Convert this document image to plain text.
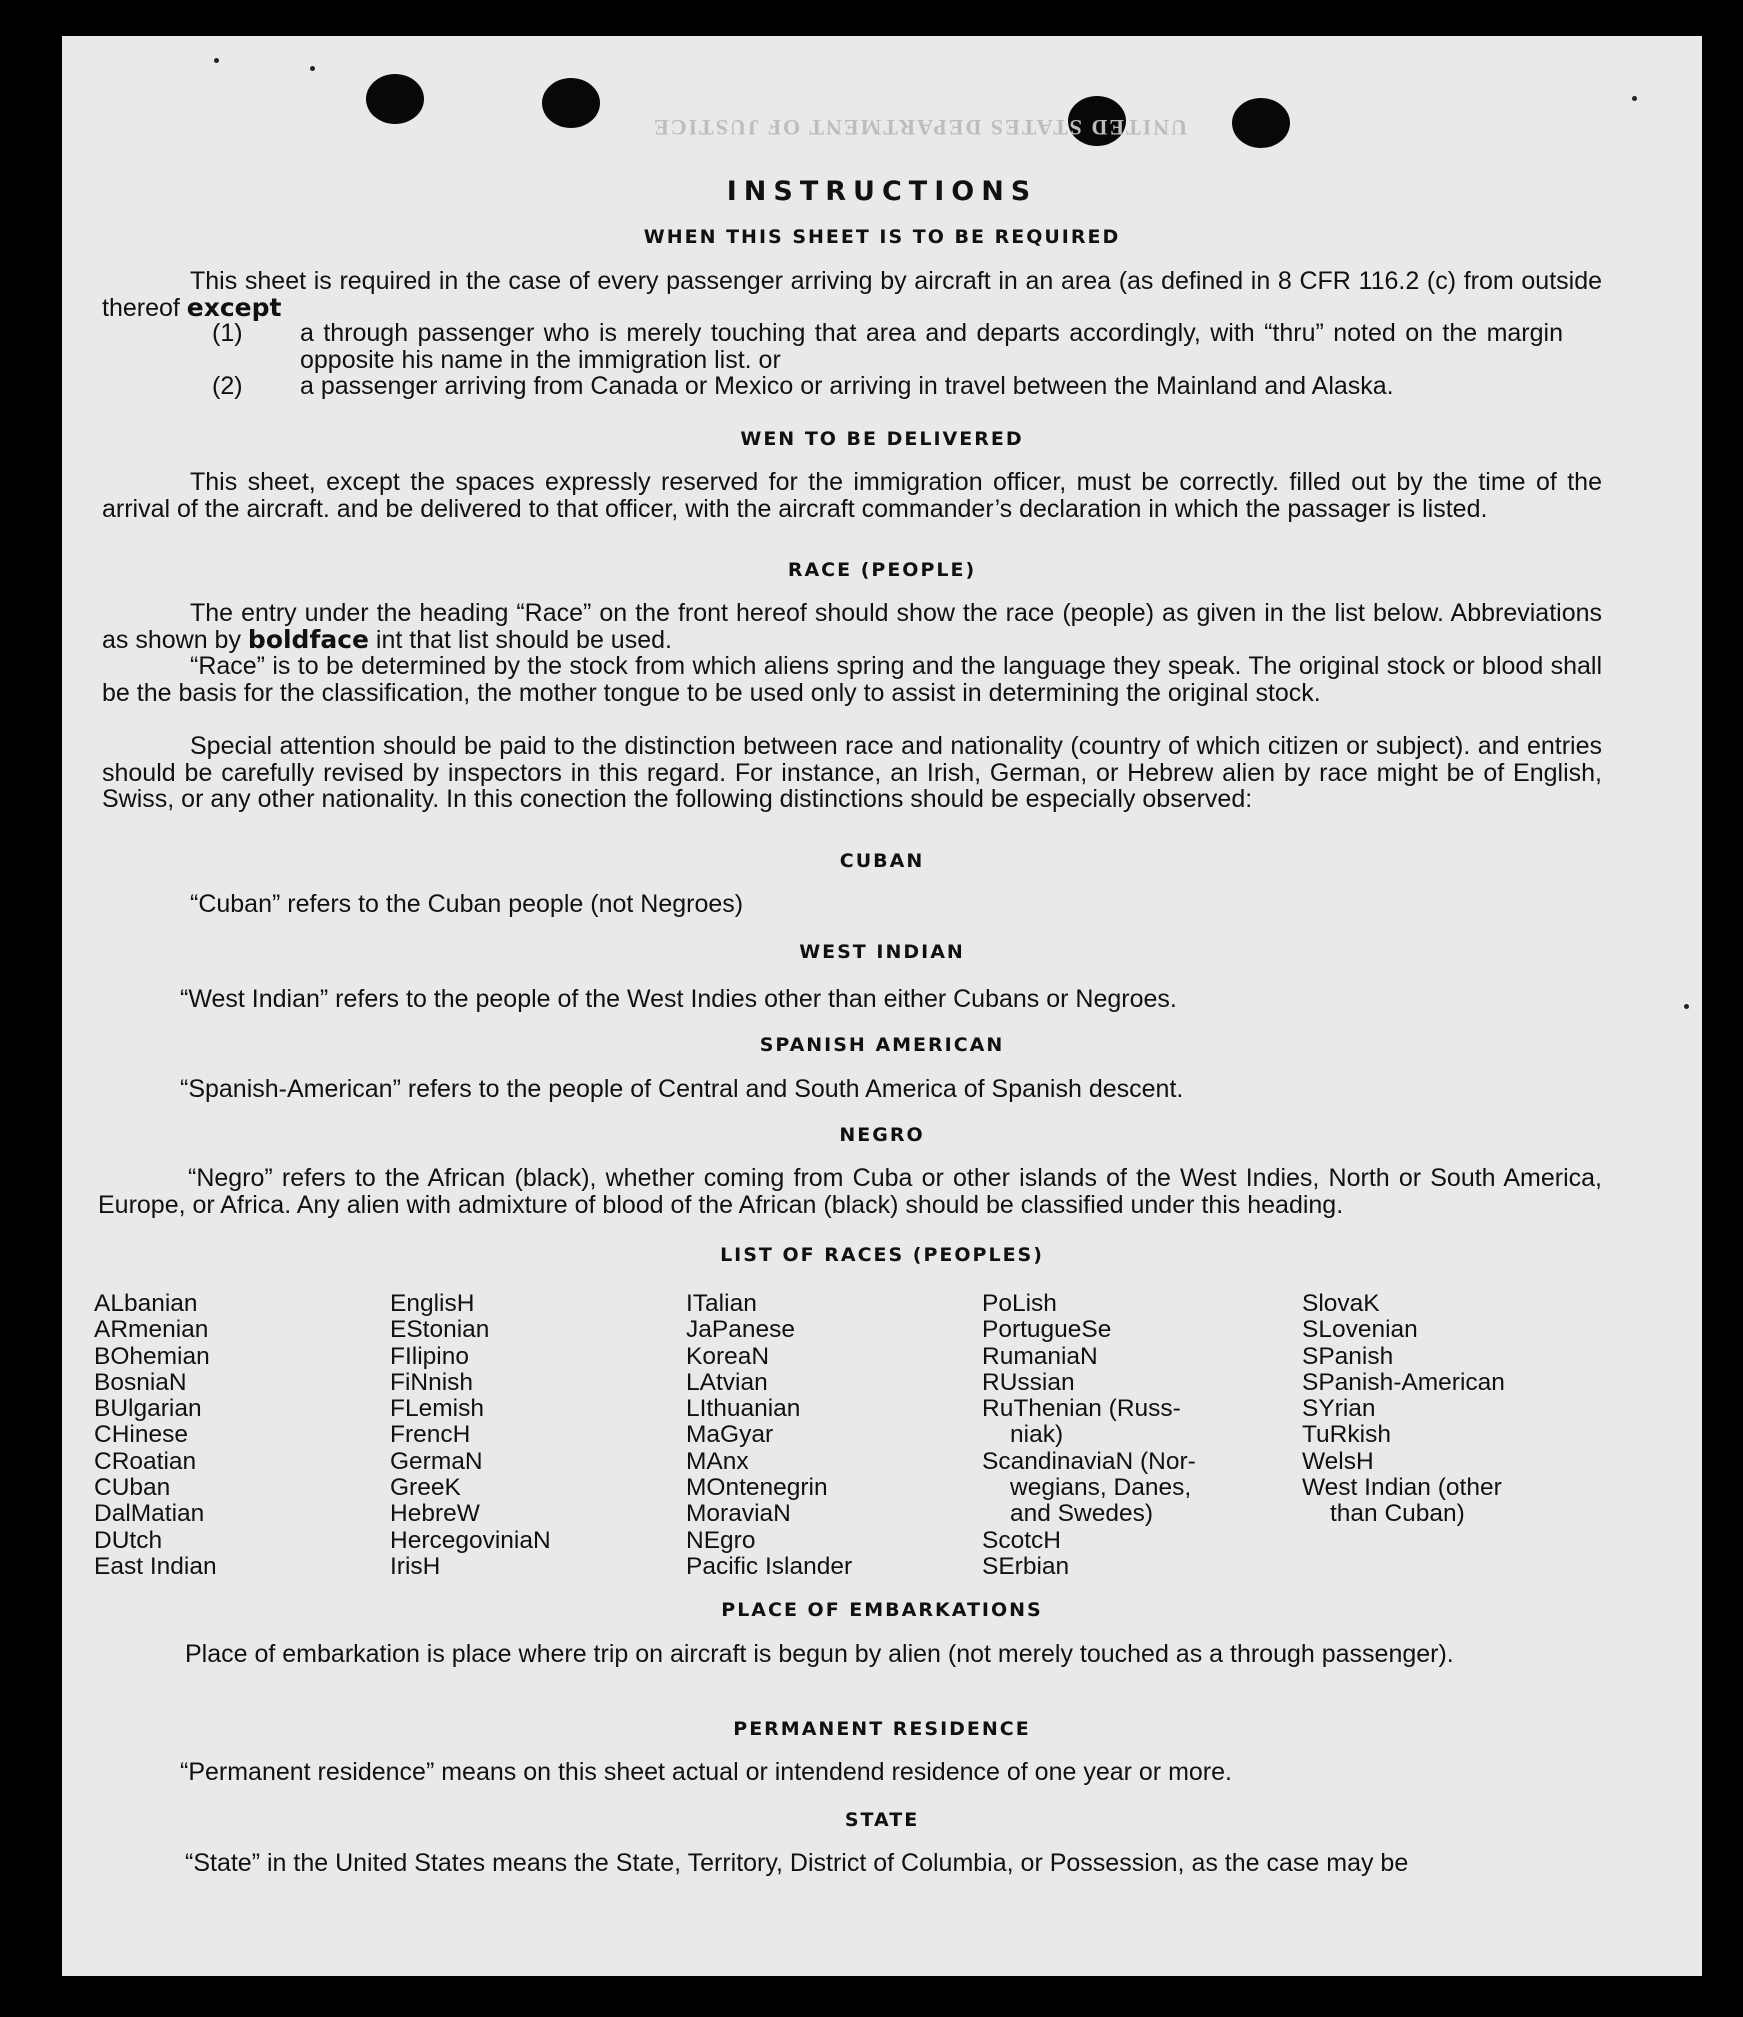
UNITED STATES DEPARTMENT OF JUSTICE
INSTRUCTIONS
WHEN THIS SHEET IS TO BE REQUIRED
This sheet is required in the case of every passenger arriving by aircraft in an area (as defined in 8 CFR 116.2 (c) from outside thereof except
(1) a through passenger who is merely touching that area and departs accordingly, with “thru” noted on the margin opposite his name in the immigration list. or
(2) a passenger arriving from Canada or Mexico or arriving in travel between the Mainland and Alaska.
WEN TO BE DELIVERED
This sheet, except the spaces expressly reserved for the immigration officer, must be correctly. filled out by the time of the arrival of the aircraft. and be delivered to that officer, with the aircraft commander’s declaration in which the passager is listed.
RACE (PEOPLE)
The entry under the heading “Race” on the front hereof should show the race (people) as given in the list below. Abbreviations as shown by boldface int that list should be used.
“Race” is to be determined by the stock from which aliens spring and the language they speak. The original stock or blood shall be the basis for the classification, the mother tongue to be used only to assist in determining the original stock.
Special attention should be paid to the distinction between race and nationality (country of which citizen or subject). and entries should be carefully revised by inspectors in this regard. For instance, an Irish, German, or Hebrew alien by race might be of English, Swiss, or any other nationality. In this conection the following distinctions should be especially observed:
CUBAN
“Cuban” refers to the Cuban people (not Negroes)
WEST INDIAN
“West Indian” refers to the people of the West Indies other than either Cubans or Negroes.
SPANISH AMERICAN
“Spanish-American” refers to the people of Central and South America of Spanish descent.
NEGRO
“Negro” refers to the African (black), whether coming from Cuba or other islands of the West Indies, North or South America, Europe, or Africa. Any alien with admixture of blood of the African (black) should be classified under this heading.
LIST OF RACES (PEOPLES)
ALbanian
ARmenian
BOhemian
BosniaN
BUlgarian
CHinese
CRoatian
CUban
DalMatian
DUtch
East Indian
EnglisH
EStonian
FIlipino
FiNnish
FLemish
FrencH
GermaN
GreeK
HebreW
HercegoviniaN
IrisH
ITalian
JaPanese
KoreaN
LAtvian
LIthuanian
MaGyar
MAnx
MOntenegrin
MoraviaN
NEgro
Pacific Islander
PoLish
PortugueSe
RumaniaN
RUssian
RuThenian (Russ-
niak)
ScandinaviaN (Nor-
wegians, Danes,
and Swedes)
ScotcH
SErbian
SlovaK
SLovenian
SPanish
SPanish-American
SYrian
TuRkish
WelsH
West Indian (other
than Cuban)
PLACE OF EMBARKATIONS
Place of embarkation is place where trip on aircraft is begun by alien (not merely touched as a through passenger).
PERMANENT RESIDENCE
“Permanent residence” means on this sheet actual or intendend residence of one year or more.
STATE
“State” in the United States means the State, Territory, District of Columbia, or Possession, as the case may be
